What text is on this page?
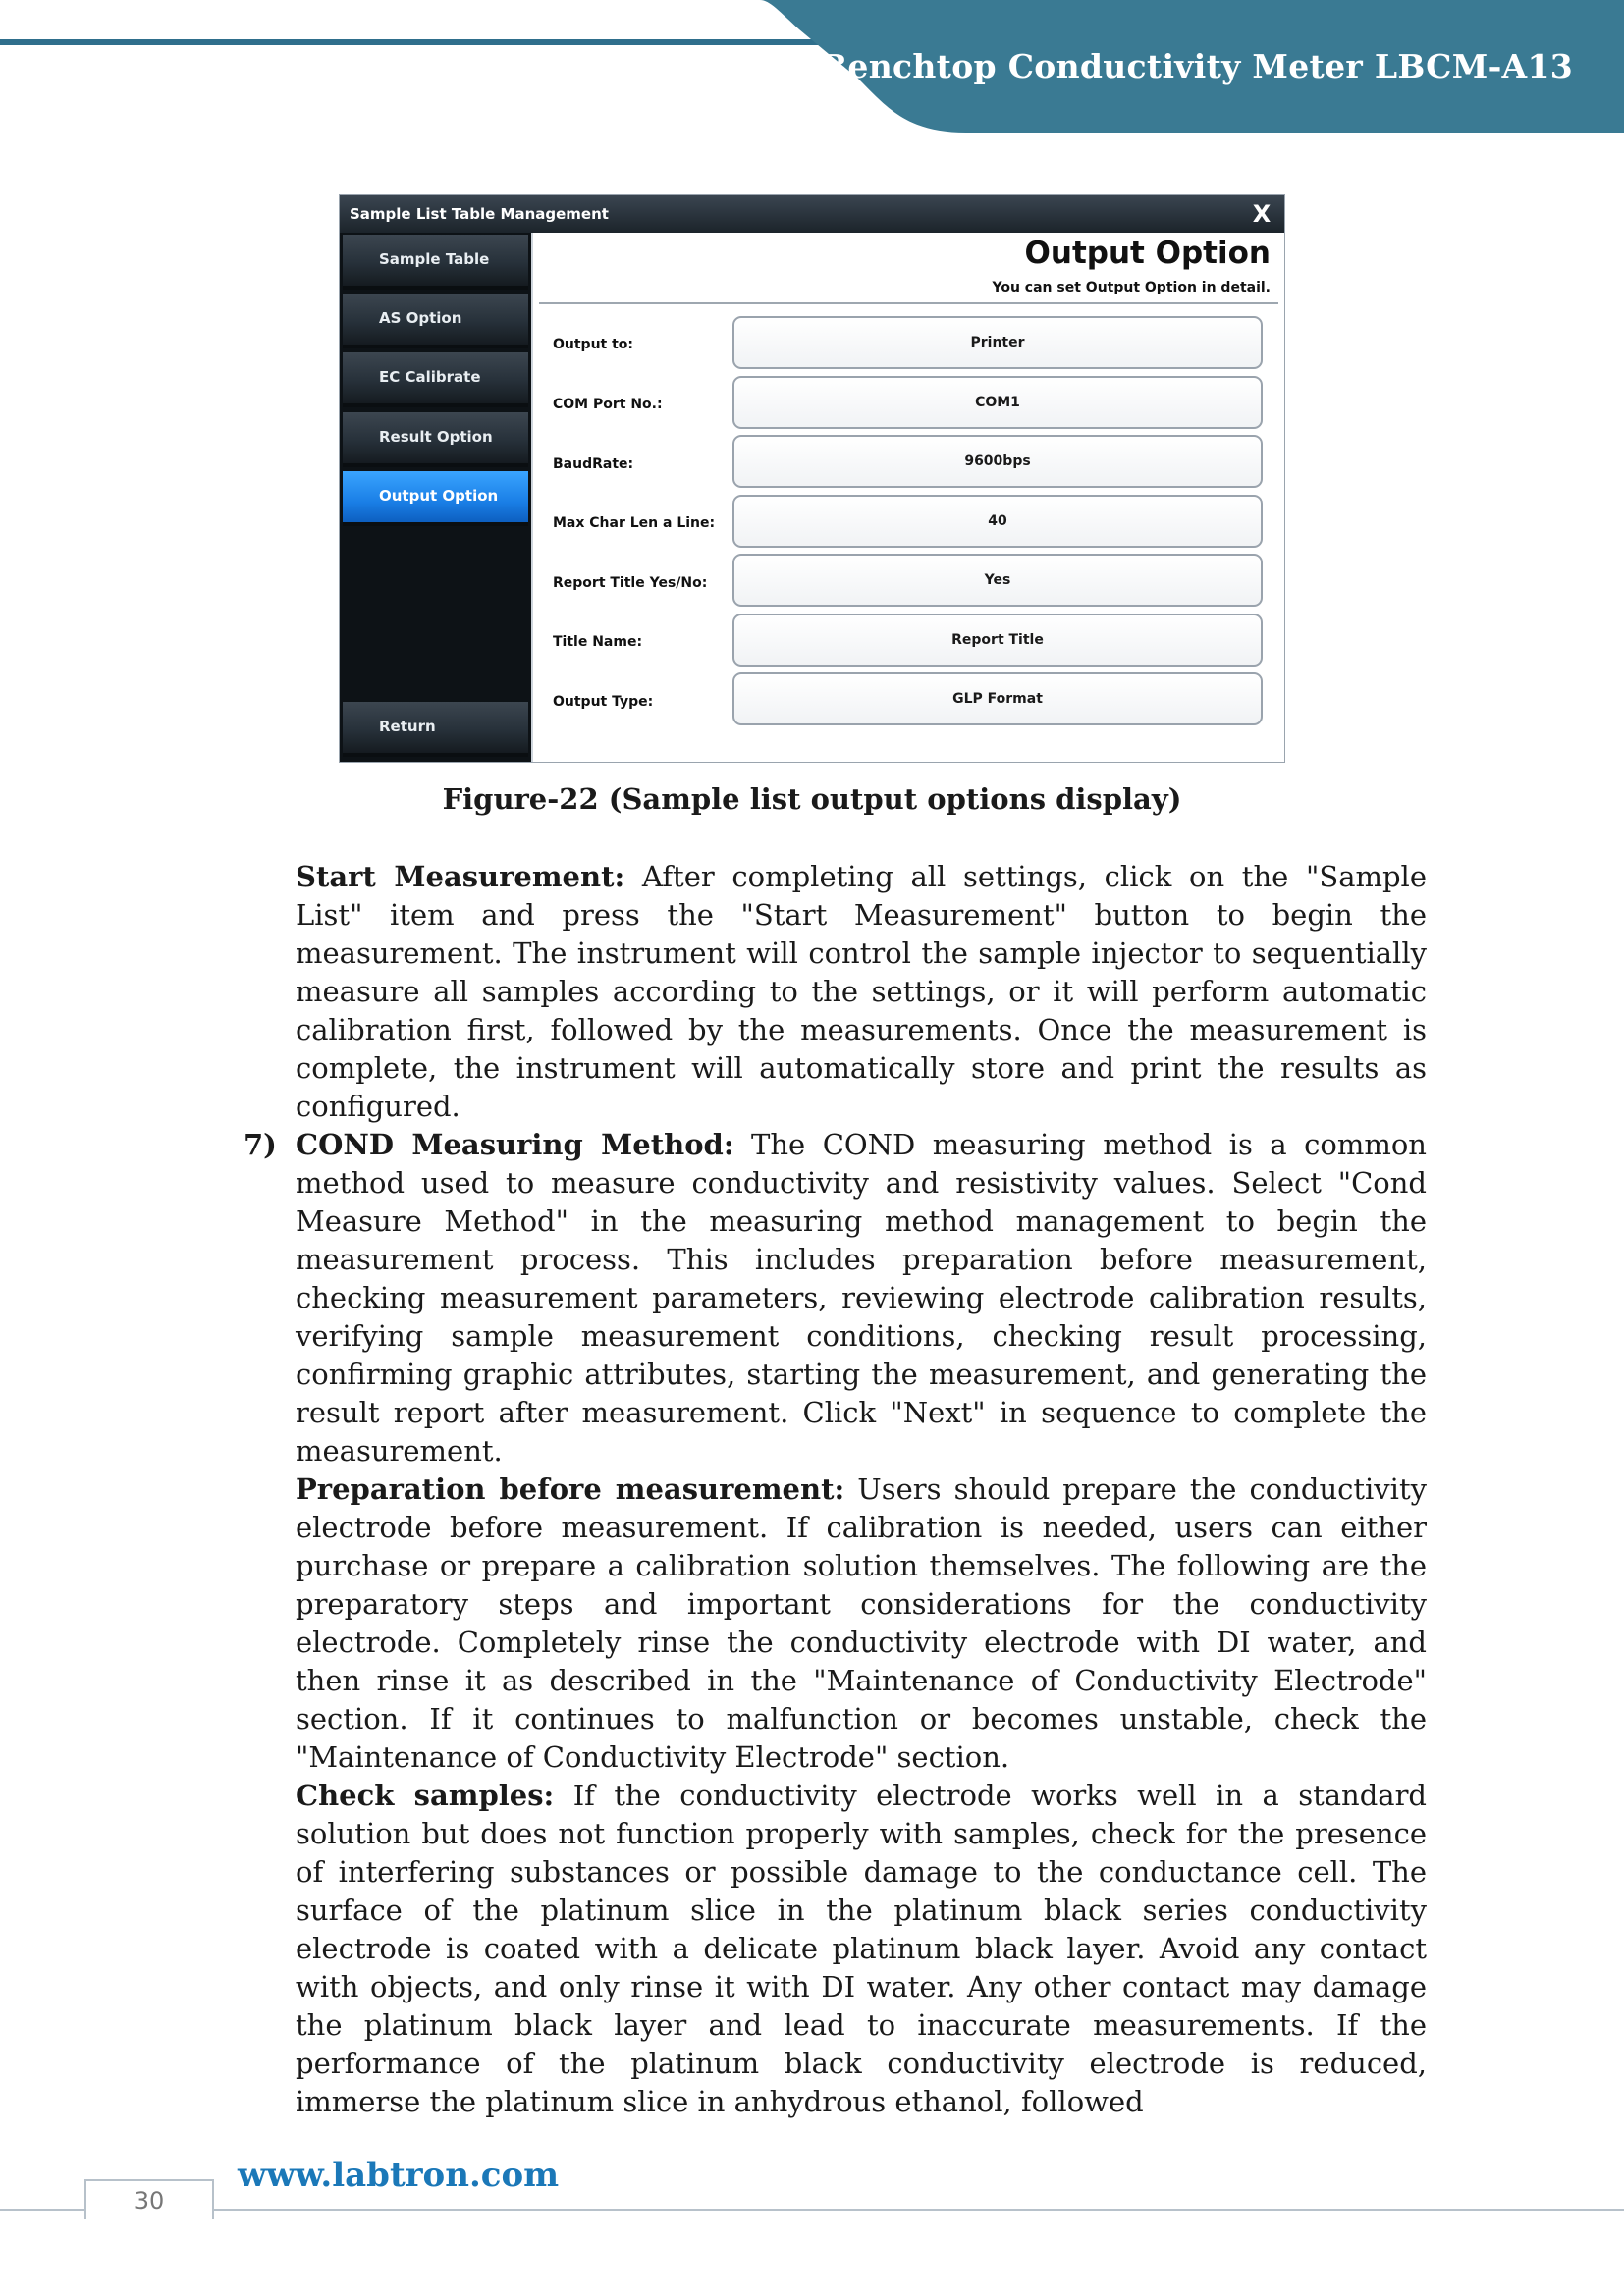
Benchtop Conductivity Meter LBCM-A13
Sample List Table Management	X
Sample Table
AS Option
EC Calibrate
Result Option
Output Option
Return
Output Option
You can set Output Option in detail.
Output to:	Printer
COM Port No.:	COM1
BaudRate:	9600bps
Max Char Len a Line:	40
Report Title Yes/No:	Yes
Title Name:	Report Title
Output Type:	GLP Format
Figure-22 (Sample list output options display)
Start Measurement: After completing all settings, click on the "Sample List" item and press the "Start Measurement" button to begin the measurement. The instrument will control the sample injector to sequentially measure all samples according to the settings, or it will perform automatic calibration first, followed by the measurements. Once the measurement is complete, the instrument will automatically store and print the results as configured.
7) COND Measuring Method: The COND measuring method is a common method used to measure conductivity and resistivity values. Select "Cond Measure Method" in the measuring method management to begin the measurement process. This includes preparation before measurement, checking measurement parameters, reviewing electrode calibration results, verifying sample measurement conditions, checking result processing, confirming graphic attributes, starting the measurement, and generating the result report after measurement. Click "Next" in sequence to complete the measurement.
Preparation before measurement: Users should prepare the conductivity electrode before measurement. If calibration is needed, users can either purchase or prepare a calibration solution themselves. The following are the preparatory steps and important considerations for the conductivity electrode. Completely rinse the conductivity electrode with DI water, and then rinse it as described in the "Maintenance of Conductivity Electrode" section. If it continues to malfunction or becomes unstable, check the "Maintenance of Conductivity Electrode" section.
Check samples: If the conductivity electrode works well in a standard solution but does not function properly with samples, check for the presence of interfering substances or possible damage to the conductance cell. The surface of the platinum slice in the platinum black series conductivity electrode is coated with a delicate platinum black layer. Avoid any contact with objects, and only rinse it with DI water. Any other contact may damage the platinum black layer and lead to inaccurate measurements. If the performance of the platinum black conductivity electrode is reduced, immerse the platinum slice in anhydrous ethanol, followed
30
www.labtron.com
